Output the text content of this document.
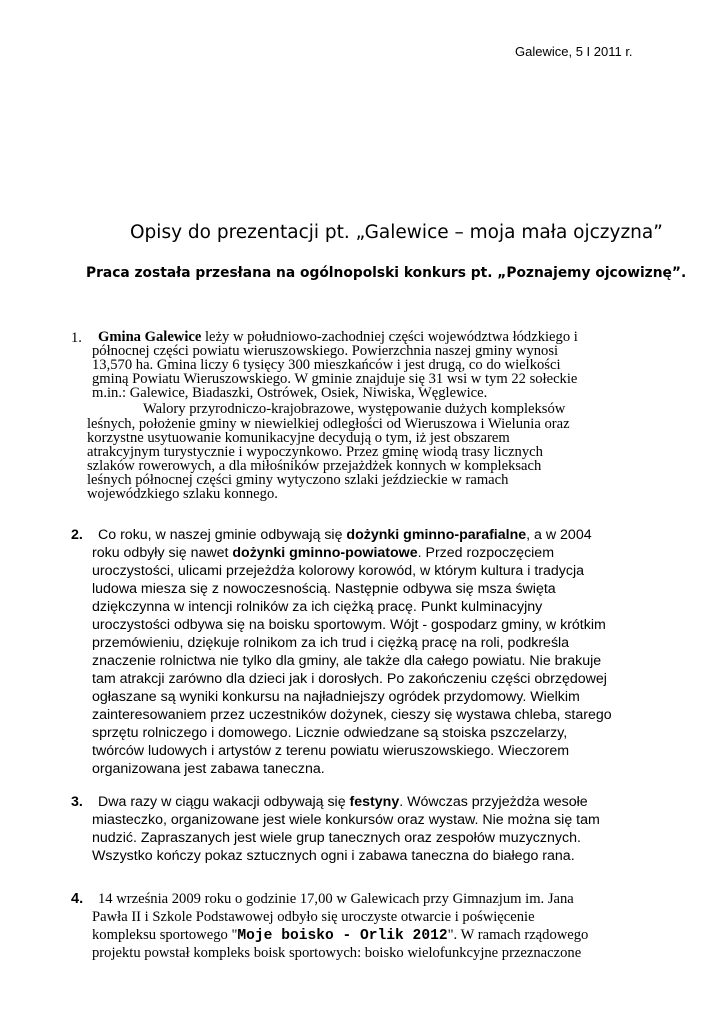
Galewice, 5 I 2011 r.
Opisy do prezentacji pt. „Galewice – moja mała ojczyzna”
Praca została przesłana na ogólnopolski konkurs pt. „Poznajemy ojcowiznę”.
1. Gmina Galewice leży w południowo-zachodniej części województwa łódzkiego i
północnej części powiatu wieruszowskiego. Powierzchnia naszej gminy wynosi
13,570 ha. Gmina liczy 6 tysięcy 300 mieszkańców i jest drugą, co do wielkości
gminą Powiatu Wieruszowskiego. W gminie znajduje się 31 wsi w tym 22 sołeckie
m.in.: Galewice, Biadaszki, Ostrówek, Osiek, Niwiska, Węglewice.
Walory przyrodniczo-krajobrazowe, występowanie dużych kompleksów
leśnych, położenie gminy w niewielkiej odległości od Wieruszowa i Wielunia oraz
korzystne usytuowanie komunikacyjne decydują o tym, iż jest obszarem
atrakcyjnym turystycznie i wypoczynkowo. Przez gminę wiodą trasy licznych
szlaków rowerowych, a dla miłośników przejażdżek konnych w kompleksach
leśnych północnej części gminy wytyczono szlaki jeździeckie w ramach
wojewódzkiego szlaku konnego.
2. Co roku, w naszej gminie odbywają się dożynki gminno-parafialne, a w 2004
roku odbyły się nawet dożynki gminno-powiatowe. Przed rozpoczęciem
uroczystości, ulicami przejeżdża kolorowy korowód, w którym kultura i tradycja
ludowa miesza się z nowoczesnością. Następnie odbywa się msza święta
dziękczynna w intencji rolników za ich ciężką pracę. Punkt kulminacyjny
uroczystości odbywa się na boisku sportowym. Wójt - gospodarz gminy, w krótkim
przemówieniu, dziękuje rolnikom za ich trud i ciężką pracę na roli, podkreśla
znaczenie rolnictwa nie tylko dla gminy, ale także dla całego powiatu. Nie brakuje
tam atrakcji zarówno dla dzieci jak i dorosłych. Po zakończeniu części obrzędowej
ogłaszane są wyniki konkursu na najładniejszy ogródek przydomowy. Wielkim
zainteresowaniem przez uczestników dożynek, cieszy się wystawa chleba, starego
sprzętu rolniczego i domowego. Licznie odwiedzane są stoiska pszczelarzy,
twórców ludowych i artystów z terenu powiatu wieruszowskiego. Wieczorem
organizowana jest zabawa taneczna.
3. Dwa razy w ciągu wakacji odbywają się festyny. Wówczas przyjeżdża wesołe
miasteczko, organizowane jest wiele konkursów oraz wystaw. Nie można się tam
nudzić. Zapraszanych jest wiele grup tanecznych oraz zespołów muzycznych.
Wszystko kończy pokaz sztucznych ogni i zabawa taneczna do białego rana.
4. 14 września 2009 roku o godzinie 17,00 w Galewicach przy Gimnazjum im. Jana
Pawła II i Szkole Podstawowej odbyło się uroczyste otwarcie i poświęcenie
kompleksu sportowego "Moje boisko - Orlik 2012". W ramach rządowego
projektu powstał kompleks boisk sportowych: boisko wielofunkcyjne przeznaczone
